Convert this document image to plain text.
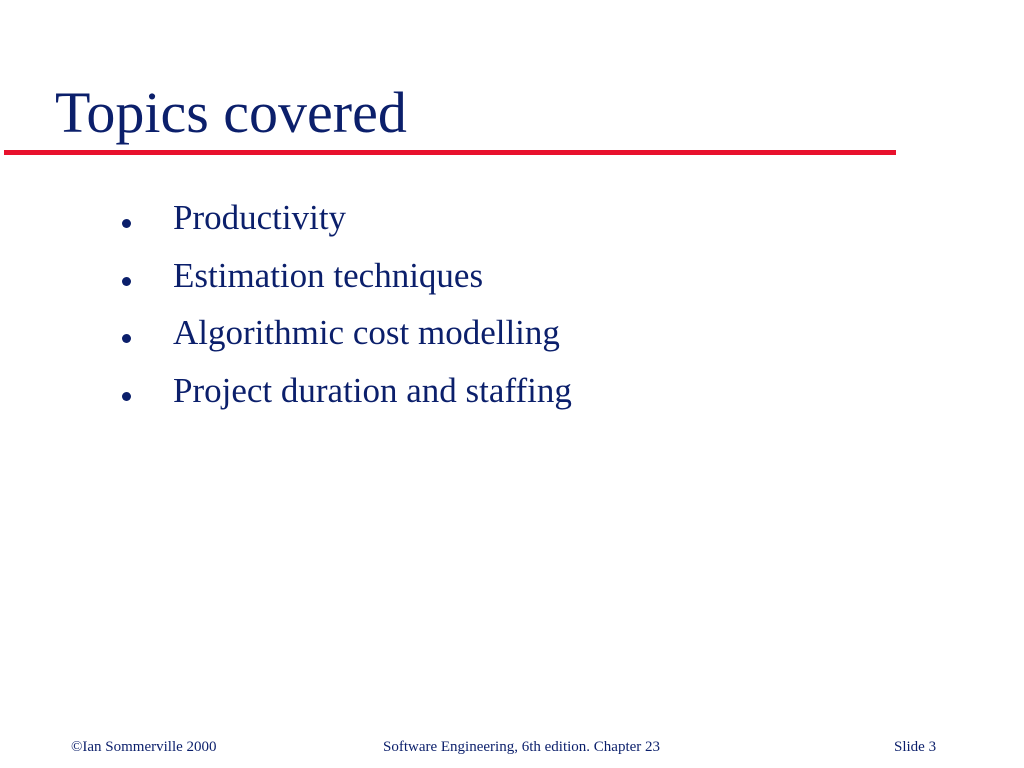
Topics covered
Productivity
Estimation techniques
Algorithmic cost modelling
Project duration and staffing
©Ian Sommerville 2000	Software Engineering, 6th edition. Chapter 23	Slide 3
